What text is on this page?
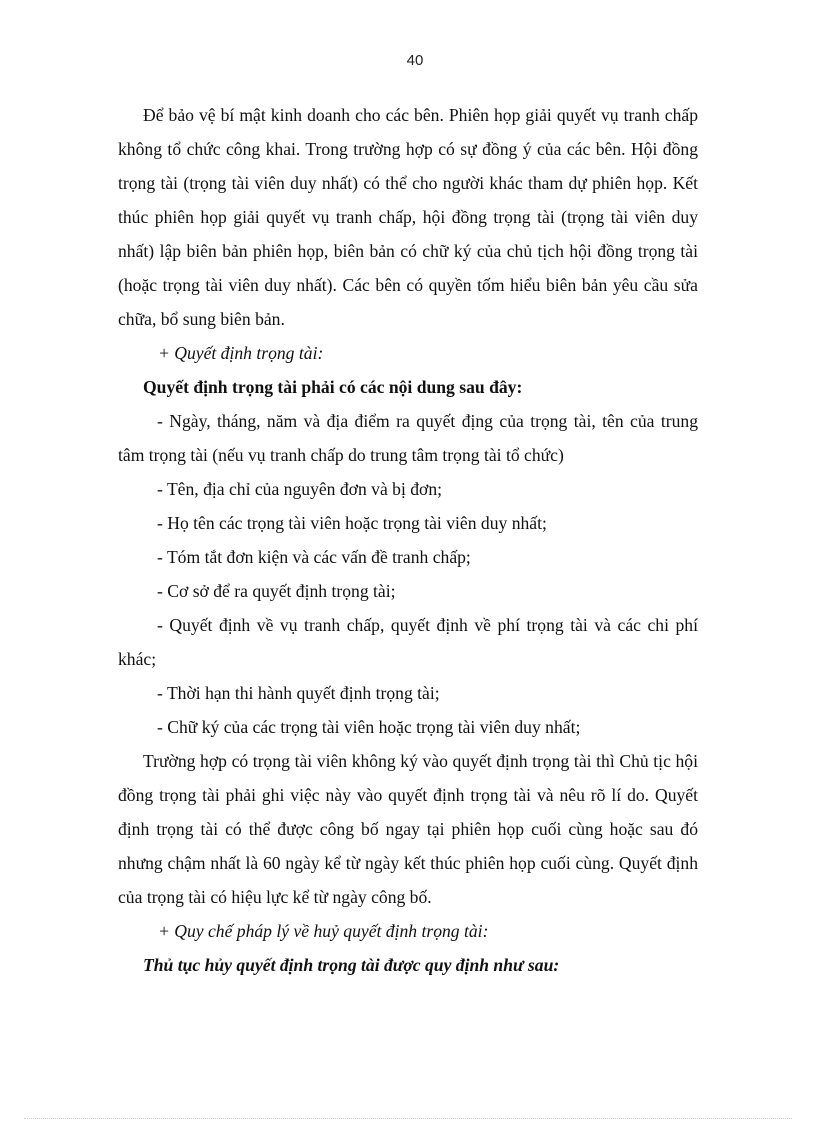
40

Để bảo vệ bí mật kinh doanh cho các bên. Phiên họp giải quyết vụ tranh chấp không tổ chức công khai. Trong trường hợp có sự đồng ý của các bên. Hội đồng trọng tài (trọng tài viên duy nhất) có thể cho người khác tham dự phiên họp. Kết thúc phiên họp giải quyết vụ tranh chấp, hội đồng trọng tài (trọng tài viên duy nhất) lập biên bản phiên họp, biên bản có chữ ký của chủ tịch hội đồng trọng tài (hoặc trọng tài viên duy nhất). Các bên có quyền tốm hiểu biên bản yêu cầu sửa chữa, bổ sung biên bản.

+ Quyết định trọng tài:

Quyết định trọng tài phải có các nội dung sau đây:

- Ngày, tháng, năm và địa điểm ra quyết địng của trọng tài, tên của trung tâm trọng tài (nếu vụ tranh chấp do trung tâm trọng tài tổ chức)

- Tên, địa chỉ của nguyên đơn và bị đơn;

- Họ tên các trọng tài viên hoặc trọng tài viên duy nhất;

- Tóm tắt đơn kiện và các vấn đề tranh chấp;

- Cơ sở để ra quyết định trọng tài;

- Quyết định về vụ tranh chấp, quyết định về phí trọng tài và các chi phí khác;

- Thời hạn thi hành quyết định trọng tài;

- Chữ ký của các trọng tài viên hoặc trọng tài viên duy nhất;

Trường hợp có trọng tài viên không ký vào quyết định trọng tài thì Chủ tịc hội đồng trọng tài phải ghi việc này vào quyết định trọng tài và nêu rõ lí do. Quyết định trọng tài có thể được công bố ngay tại phiên họp cuối cùng hoặc sau đó nhưng chậm nhất là 60 ngày kể từ ngày kết thúc phiên họp cuối cùng. Quyết định của trọng tài có hiệu lực kể từ ngày công bố.

+ Quy chế pháp lý về huỷ quyết định trọng tài:

Thủ tục hủy quyết định trọng tài được quy định như sau:
